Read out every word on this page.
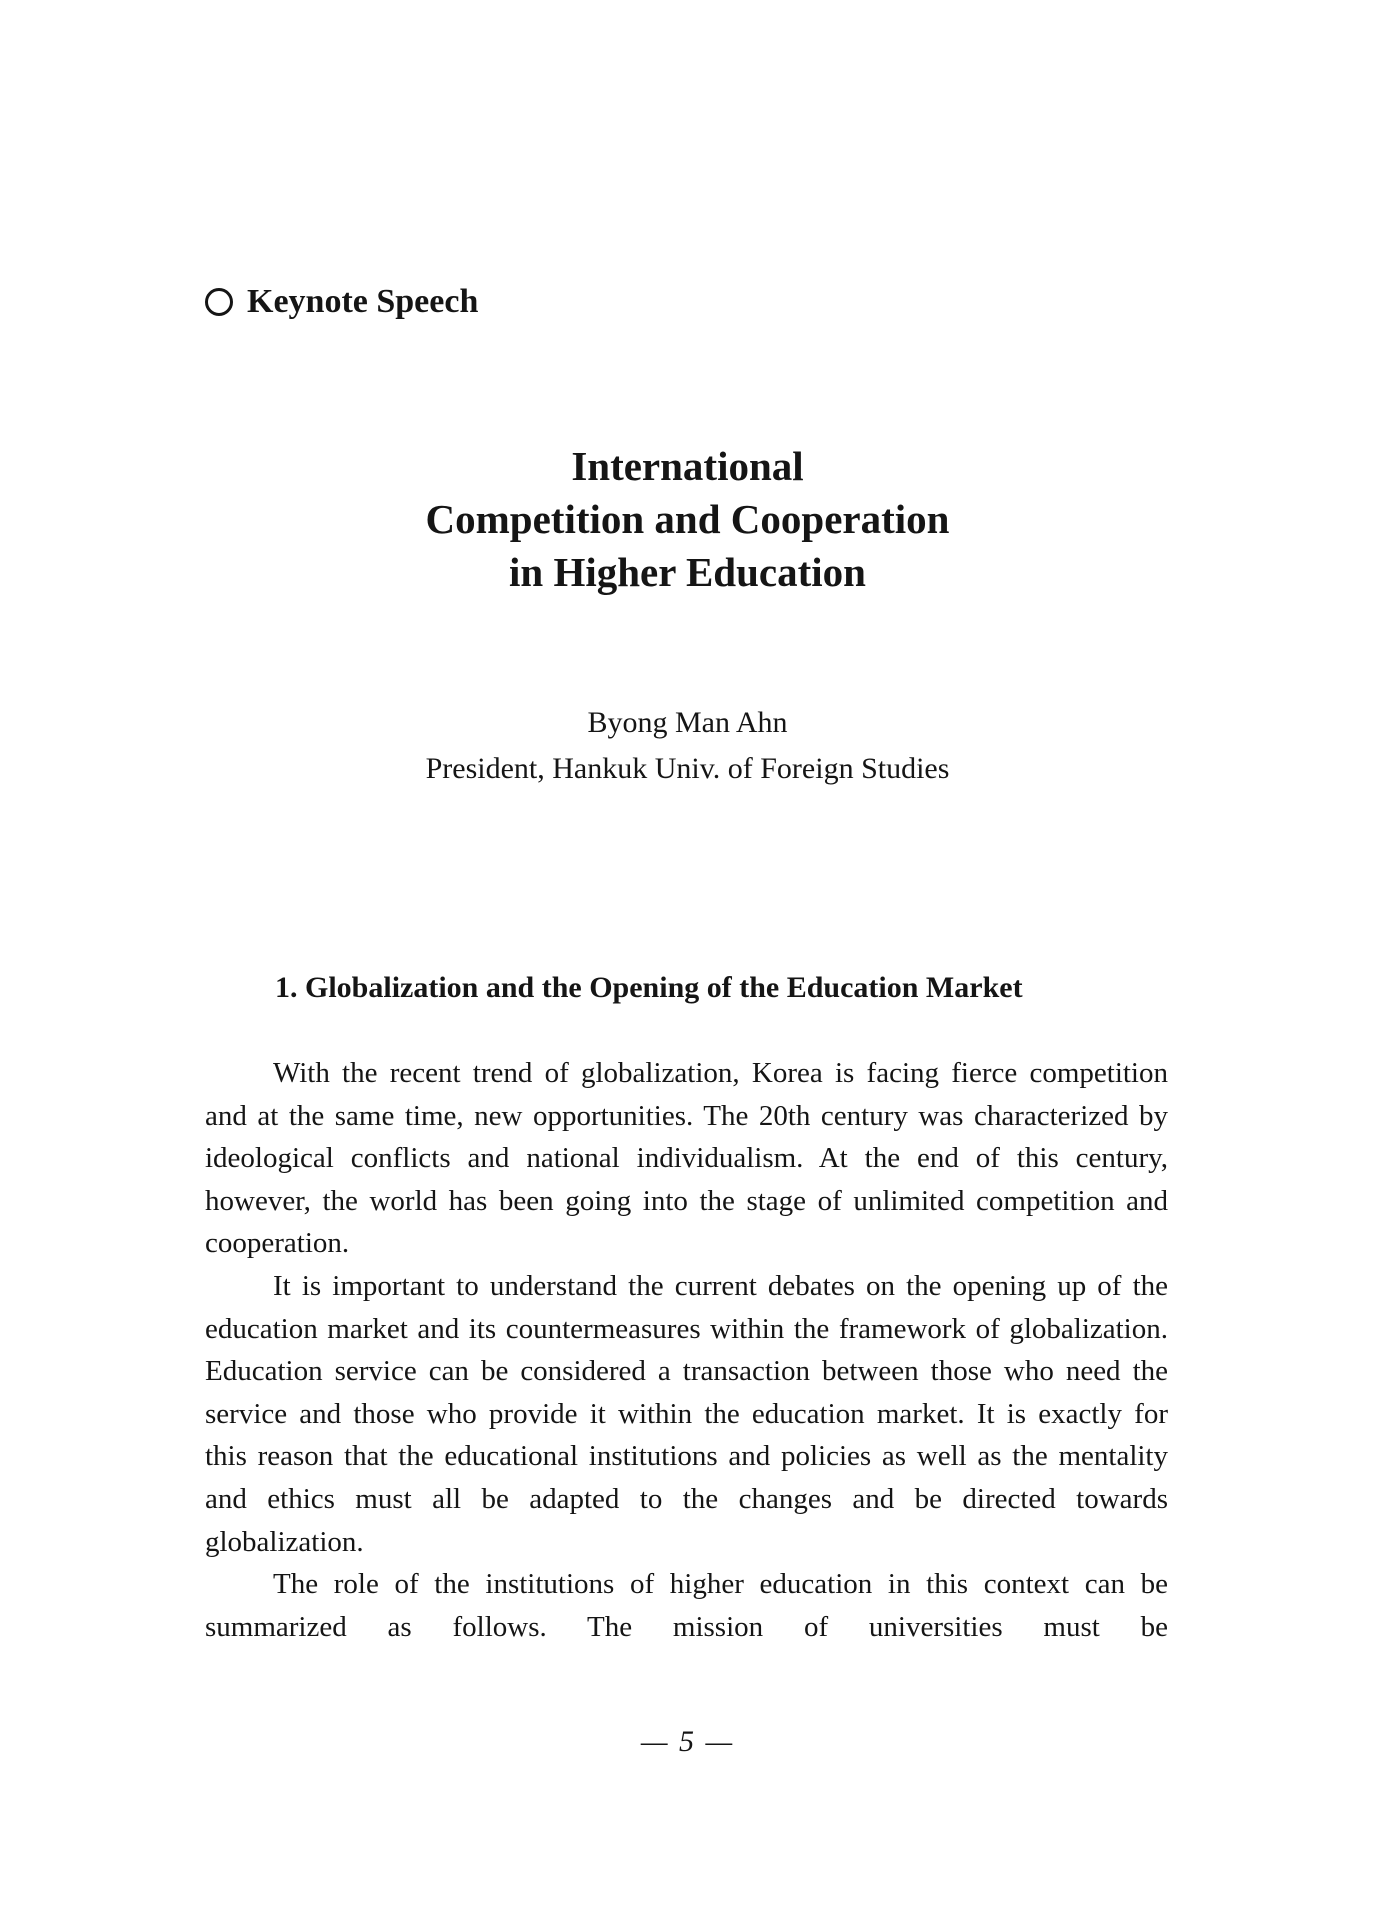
Keynote Speech
International
Competition and Cooperation
in Higher Education
Byong Man Ahn
President, Hankuk Univ. of Foreign Studies
1. Globalization and the Opening of the Education Market

With the recent trend of globalization, Korea is facing fierce competition and at the same time, new opportunities. The 20th century was characterized by ideological conflicts and national individualism. At the end of this century, however, the world has been going into the stage of unlimited competition and cooperation.

It is important to understand the current debates on the opening up of the education market and its countermeasures within the framework of globalization. Education service can be considered a transaction between those who need the service and those who provide it within the education market. It is exactly for this reason that the educational institutions and policies as well as the mentality and ethics must all be adapted to the changes and be directed towards globalization.

The role of the institutions of higher education in this context can be summarized as follows. The mission of universities must be

— 5 —
